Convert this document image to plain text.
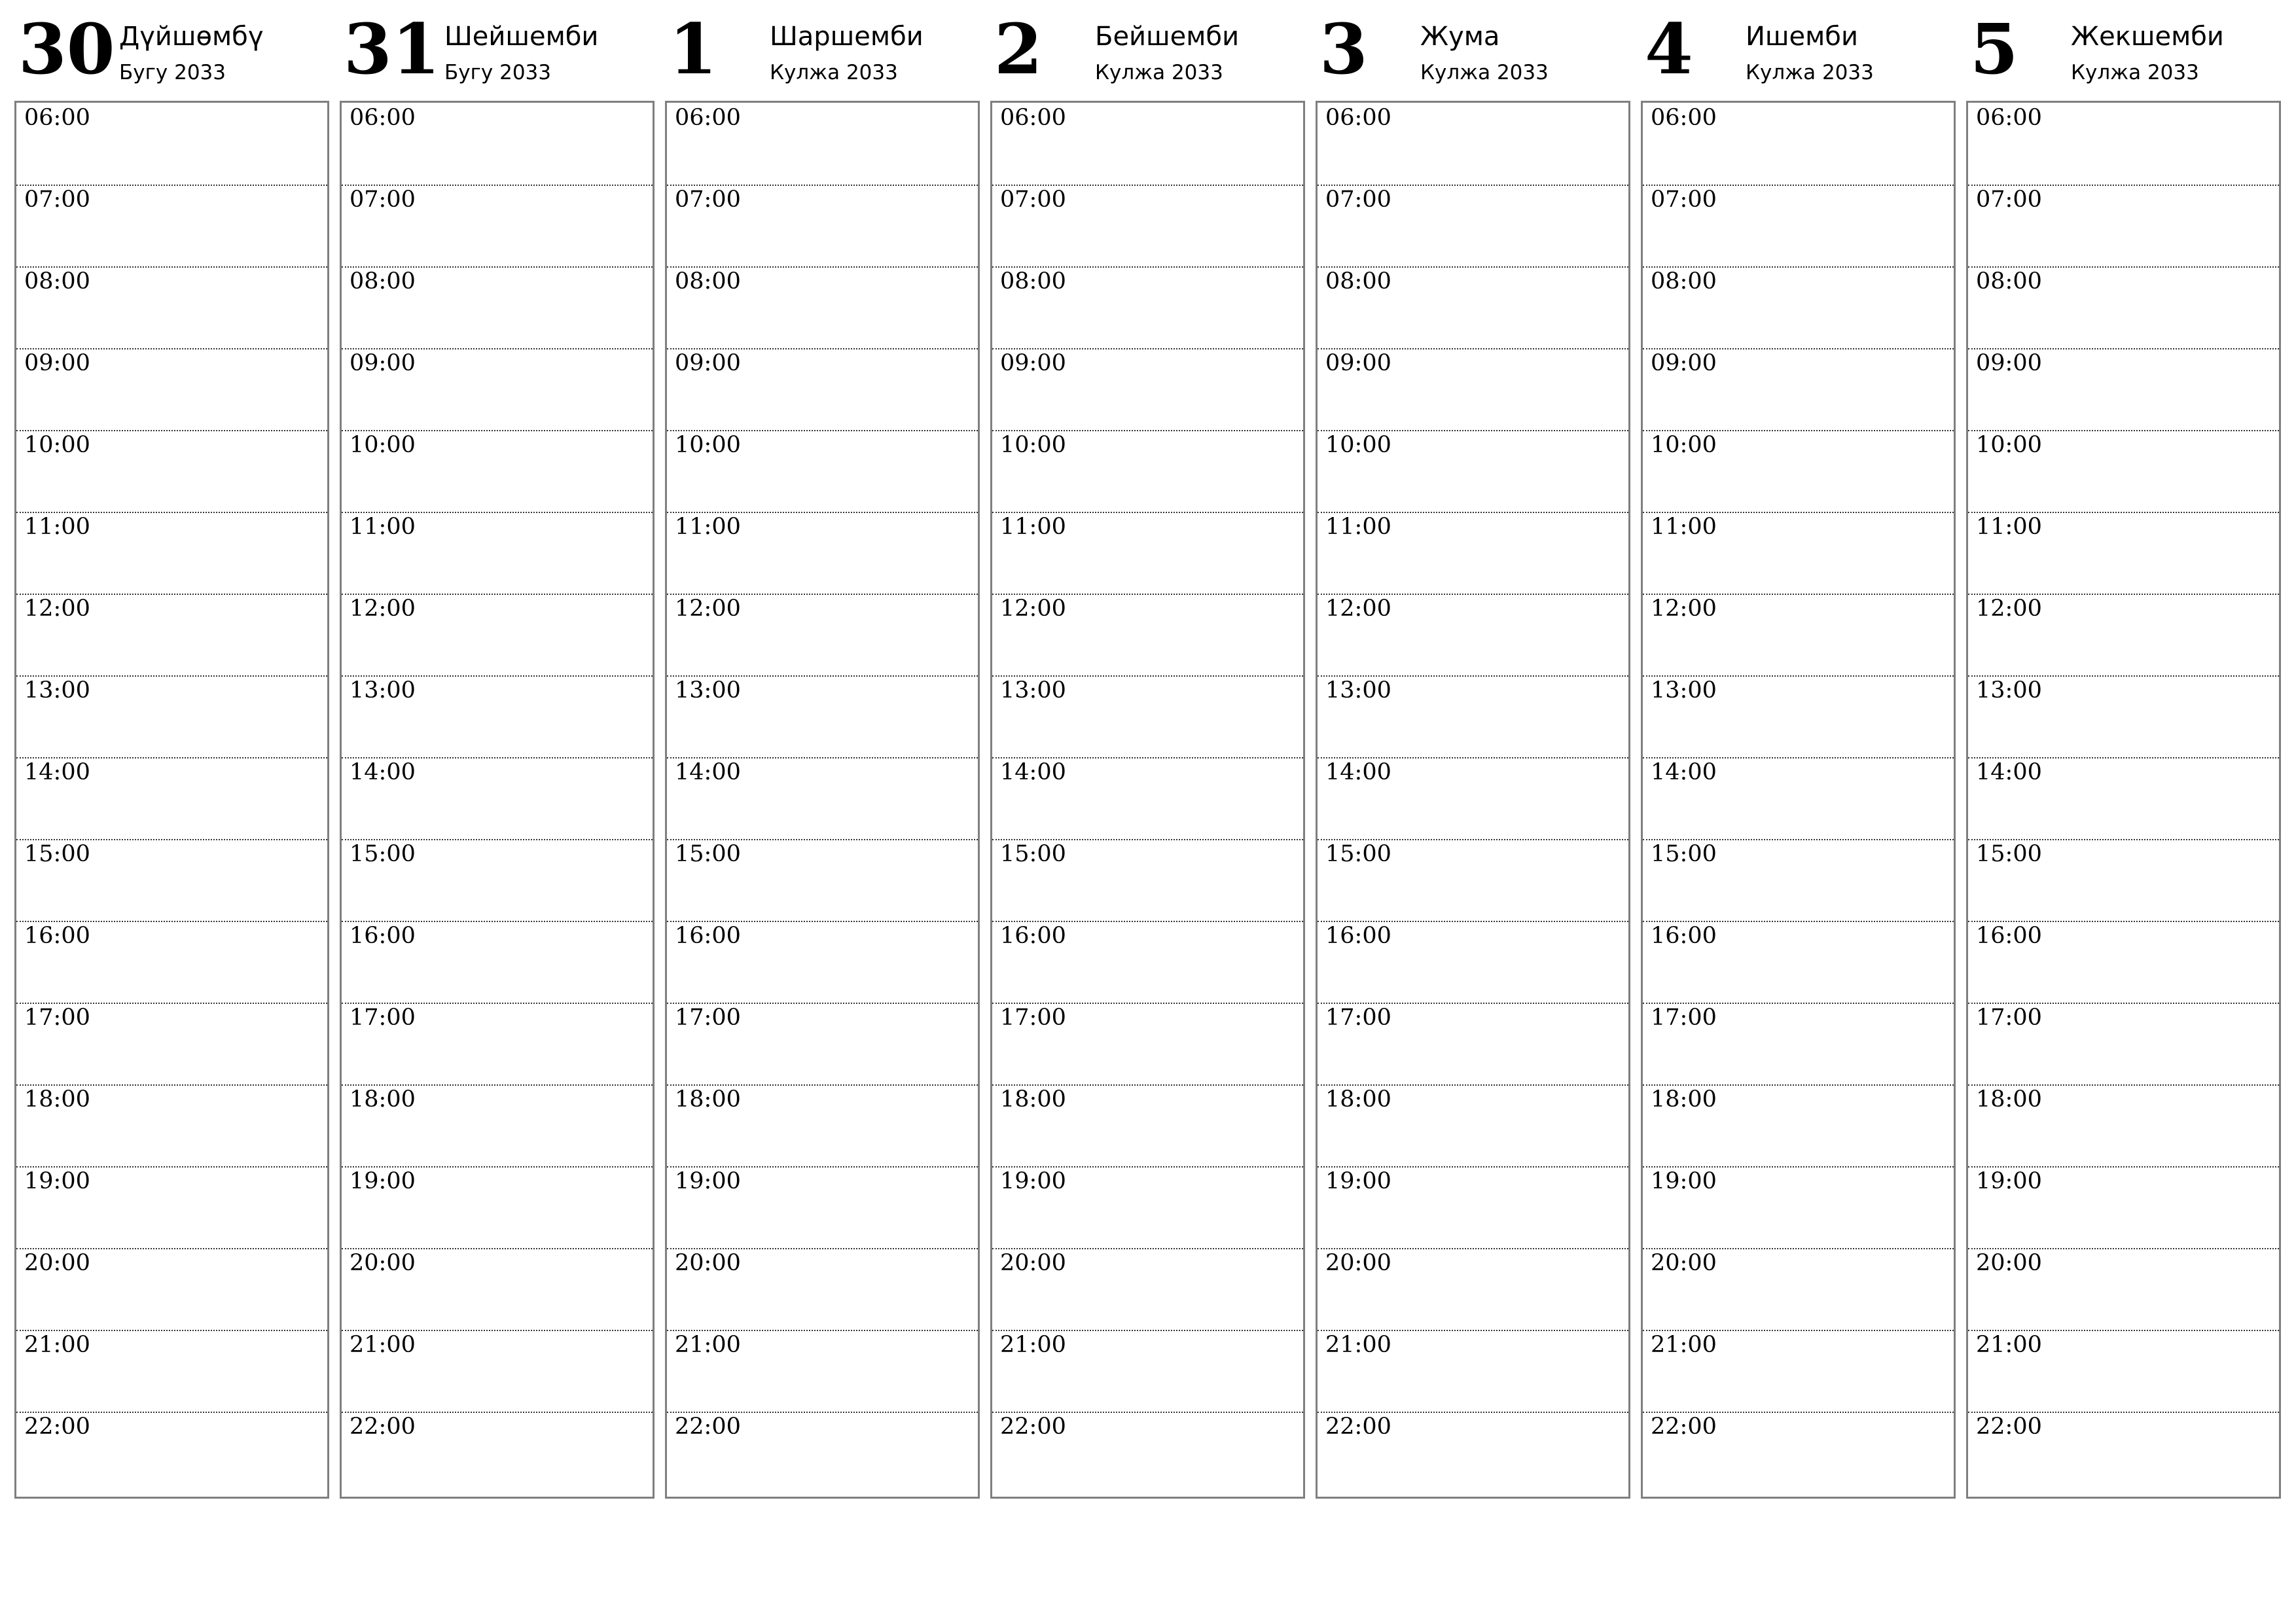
30 Дүйшөмбү
Бугу 2033
06:00
07:00
08:00
09:00
10:00
11:00
12:00
13:00
14:00
15:00
16:00
17:00
18:00
19:00
20:00
21:00
22:00
31 Шейшемби
Бугу 2033
06:00
07:00
08:00
09:00
10:00
11:00
12:00
13:00
14:00
15:00
16:00
17:00
18:00
19:00
20:00
21:00
22:00
1 Шаршемби
Кулжа 2033
06:00
07:00
08:00
09:00
10:00
11:00
12:00
13:00
14:00
15:00
16:00
17:00
18:00
19:00
20:00
21:00
22:00
2 Бейшемби
Кулжа 2033
06:00
07:00
08:00
09:00
10:00
11:00
12:00
13:00
14:00
15:00
16:00
17:00
18:00
19:00
20:00
21:00
22:00
3 Жума
Кулжа 2033
06:00
07:00
08:00
09:00
10:00
11:00
12:00
13:00
14:00
15:00
16:00
17:00
18:00
19:00
20:00
21:00
22:00
4 Ишемби
Кулжа 2033
06:00
07:00
08:00
09:00
10:00
11:00
12:00
13:00
14:00
15:00
16:00
17:00
18:00
19:00
20:00
21:00
22:00
5 Жекшемби
Кулжа 2033
06:00
07:00
08:00
09:00
10:00
11:00
12:00
13:00
14:00
15:00
16:00
17:00
18:00
19:00
20:00
21:00
22:00
